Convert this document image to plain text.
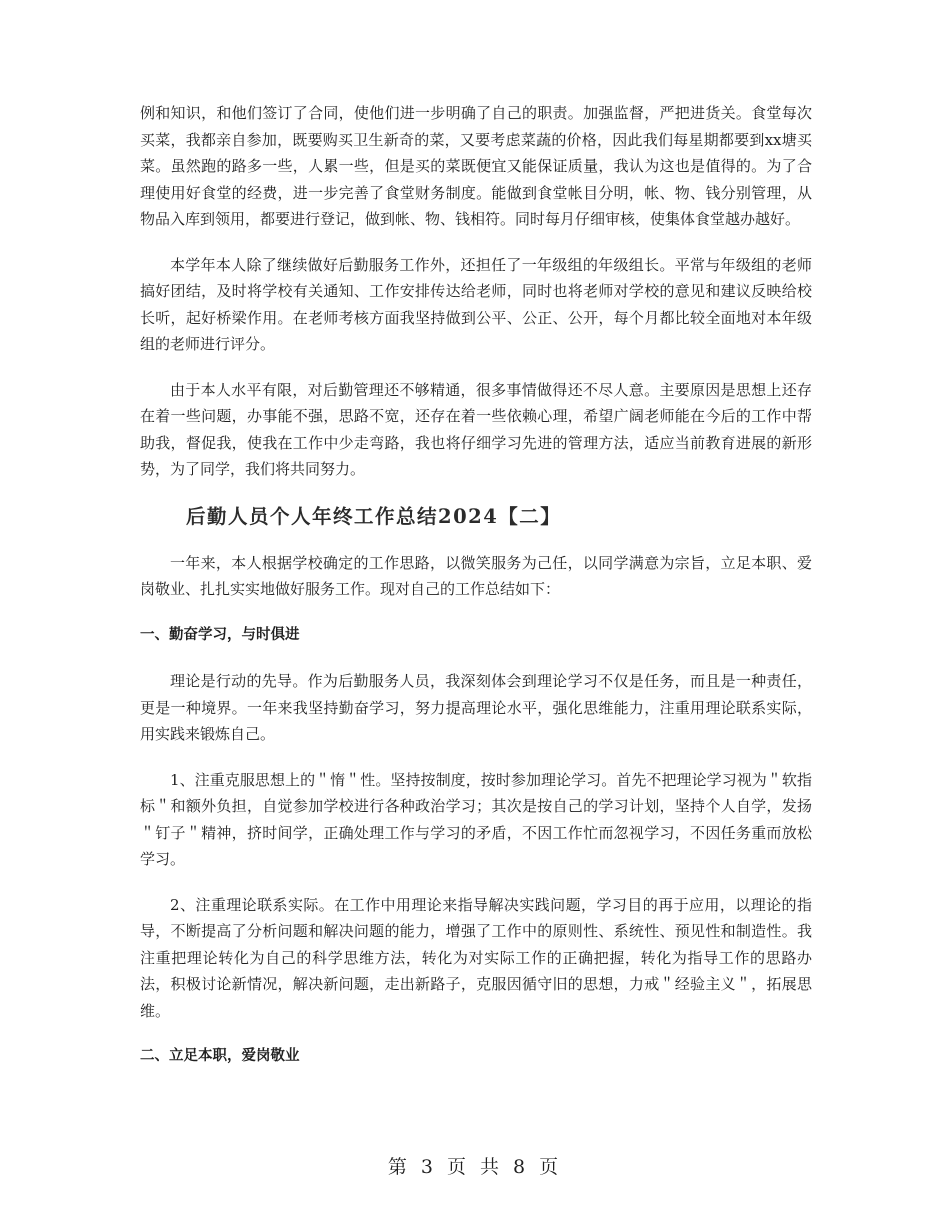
例和知识，和他们签订了合同，使他们进一步明确了自己的职责。加强监督，严把进货关。食堂每次买菜，我都亲自参加，既要购买卫生新奇的菜，又要考虑菜蔬的价格，因此我们每星期都要到xx塘买菜。虽然跑的路多一些，人累一些，但是买的菜既便宜又能保证质量，我认为这也是值得的。为了合理使用好食堂的经费，进一步完善了食堂财务制度。能做到食堂帐目分明，帐、物、钱分别管理，从物品入库到领用，都要进行登记，做到帐、物、钱相符。同时每月仔细审核，使集体食堂越办越好。

本学年本人除了继续做好后勤服务工作外，还担任了一年级组的年级组长。平常与年级组的老师搞好团结，及时将学校有关通知、工作安排传达给老师，同时也将老师对学校的意见和建议反映给校长听，起好桥梁作用。在老师考核方面我坚持做到公平、公正、公开，每个月都比较全面地对本年级组的老师进行评分。

由于本人水平有限，对后勤管理还不够精通，很多事情做得还不尽人意。主要原因是思想上还存在着一些问题，办事能不强，思路不宽，还存在着一些依赖心理，希望广阔老师能在今后的工作中帮助我，督促我，使我在工作中少走弯路，我也将仔细学习先进的管理方法，适应当前教育进展的新形势，为了同学，我们将共同努力。

后勤人员个人年终工作总结2024【二】

一年来，本人根据学校确定的工作思路，以微笑服务为己任，以同学满意为宗旨，立足本职、爱岗敬业、扎扎实实地做好服务工作。现对自己的工作总结如下：

一、勤奋学习，与时俱进

理论是行动的先导。作为后勤服务人员，我深刻体会到理论学习不仅是任务，而且是一种责任，更是一种境界。一年来我坚持勤奋学习，努力提高理论水平，强化思维能力，注重用理论联系实际，用实践来锻炼自己。

1、注重克服思想上的＂惰＂性。坚持按制度，按时参加理论学习。首先不把理论学习视为＂软指标＂和额外负担，自觉参加学校进行各种政治学习；其次是按自己的学习计划，坚持个人自学，发扬＂钉子＂精神，挤时间学，正确处理工作与学习的矛盾，不因工作忙而忽视学习，不因任务重而放松学习。

2、注重理论联系实际。在工作中用理论来指导解决实践问题，学习目的再于应用，以理论的指导，不断提高了分析问题和解决问题的能力，增强了工作中的原则性、系统性、预见性和制造性。我注重把理论转化为自己的科学思维方法，转化为对实际工作的正确把握，转化为指导工作的思路办法，积极讨论新情况，解决新问题，走出新路子，克服因循守旧的思想，力戒＂经验主义＂，拓展思维。

二、立足本职，爱岗敬业

第 3 页 共 8 页
